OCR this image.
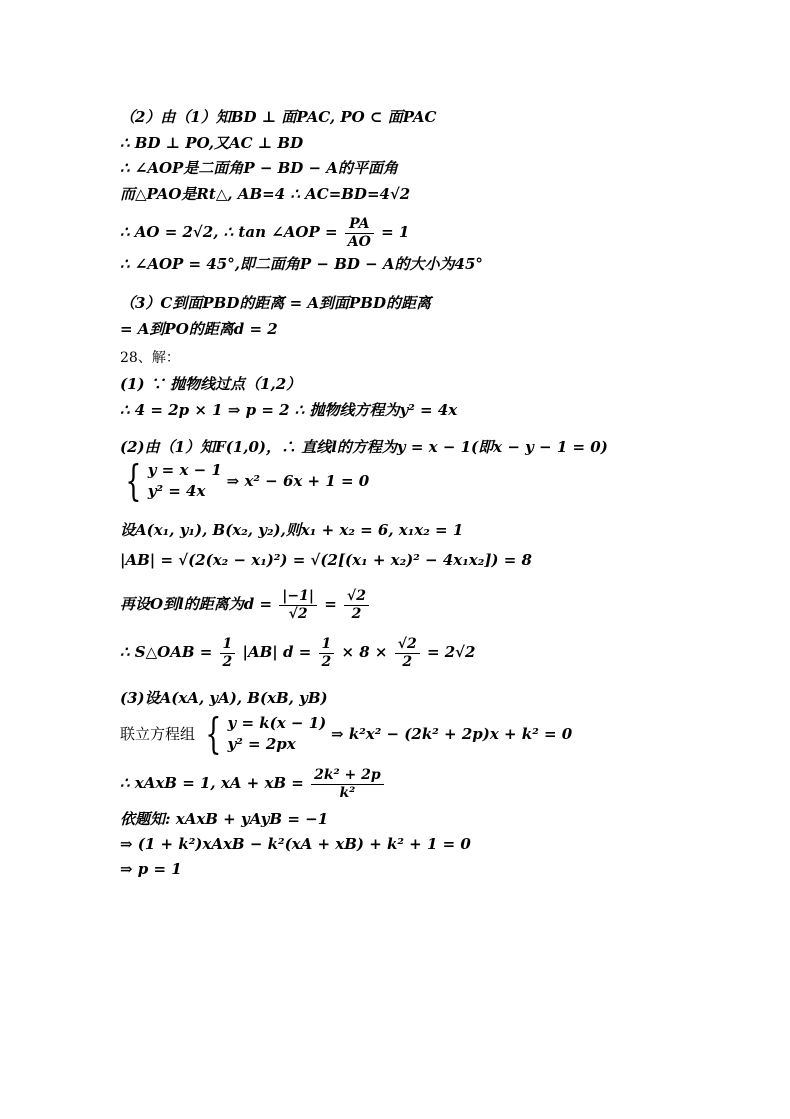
（2）由（1）知BD ⊥ 面PAC, PO ⊂ 面PAC
∴ BD ⊥ PO,又AC ⊥ BD
∴ ∠AOP是二面角P − BD − A的平面角
而△PAO是Rt△, AB=4 ∴ AC=BD=4√2
∴ AO = 2√2, ∴ tan ∠AOP = $\frac{PA}{AO} = 1$
∴ ∠AOP = 45°,即二面角P − BD − A的大小为45°
（3）C到面PBD的距离 = A到面PBD的距离
= A到PO的距离d = 2
28、解：
(1) ∵ 抛物线过点（1,2）
∴ 4 = 2p × 1 ⇒ p = 2 ∴ 抛物线方程为y² = 4x
(2)由（1）知F(1,0)，∴ 直线l的方程为y = x − 1(即x − y − 1 = 0)
{ y = x − 1
y² = 4x
⇒ x² − 6x + 1 = 0
设A(x₁, y₁), B(x₂, y₂),则x₁ + x₂ = 6, x₁x₂ = 1
|AB| = √(2(x₂ − x₁)²) = √(2[(x₁ + x₂)² − 4x₁x₂]) = 8
再设O到l的距离为$d = \frac{|-1|}{√2} = \frac{√2}{2}$
∴ S△OAB = $\frac{1}{2} |AB|$ $d = \frac{1}{2} \times 8 \times \frac{√2}{2} = 2√2$
(3)设A(xA, yA), B(xB, yB)
联立方程组 { y = k(x − 1)
y² = 2px
⇒ k²x² − (2k² + 2p)x + k² = 0
∴ xAxB = 1, xA + xB = $\frac{\text{2k² + 2p}}{\text{k²}}$
依题知: xAxB + yAyB = −1
⇒ (1 + k²)xAxB − k²(xA + xB) + k² + 1 = 0
⇒ p = 1
